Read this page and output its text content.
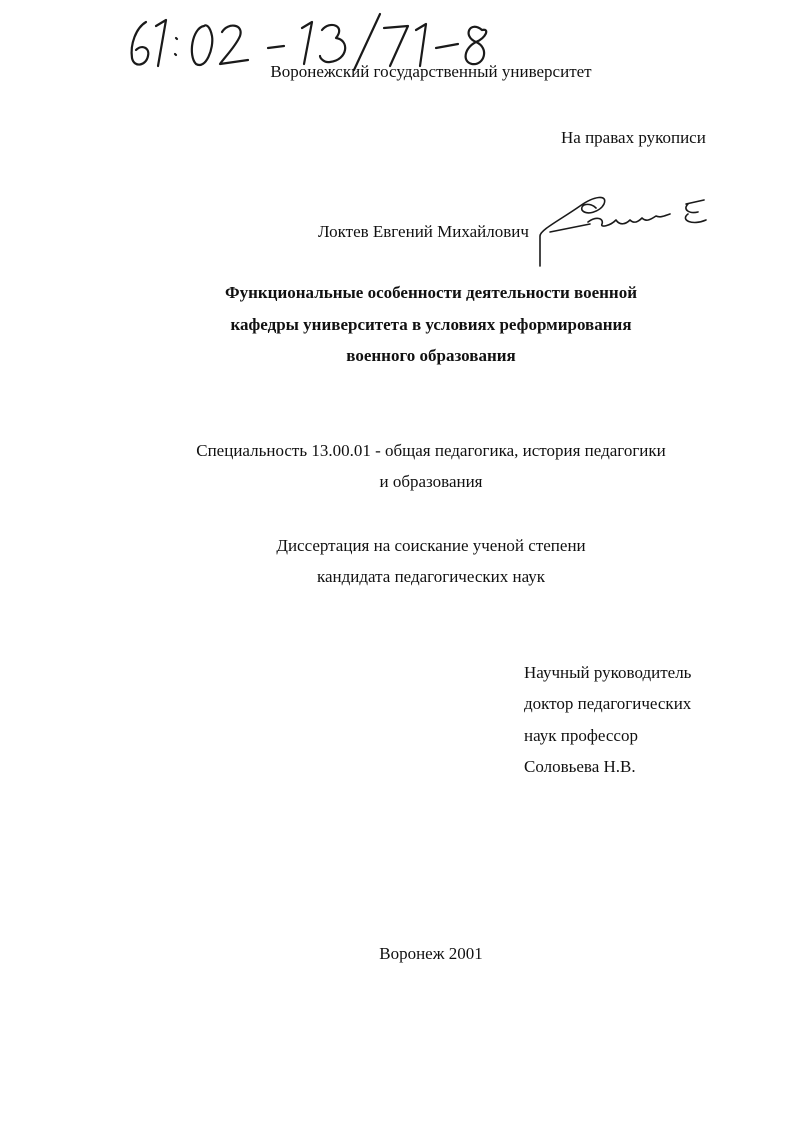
Воронежский государственный университет
На правах рукописи
Локтев Евгений Михайлович
Функциональные особенности деятельности военной
кафедры университета в условиях реформирования
военного образования
Специальность 13.00.01 - общая педагогика, история педагогики
и образования
Диссертация на соискание ученой степени
кандидата педагогических наук
Научный руководитель
доктор педагогических
наук профессор
Соловьева Н.В.
Воронеж 2001
